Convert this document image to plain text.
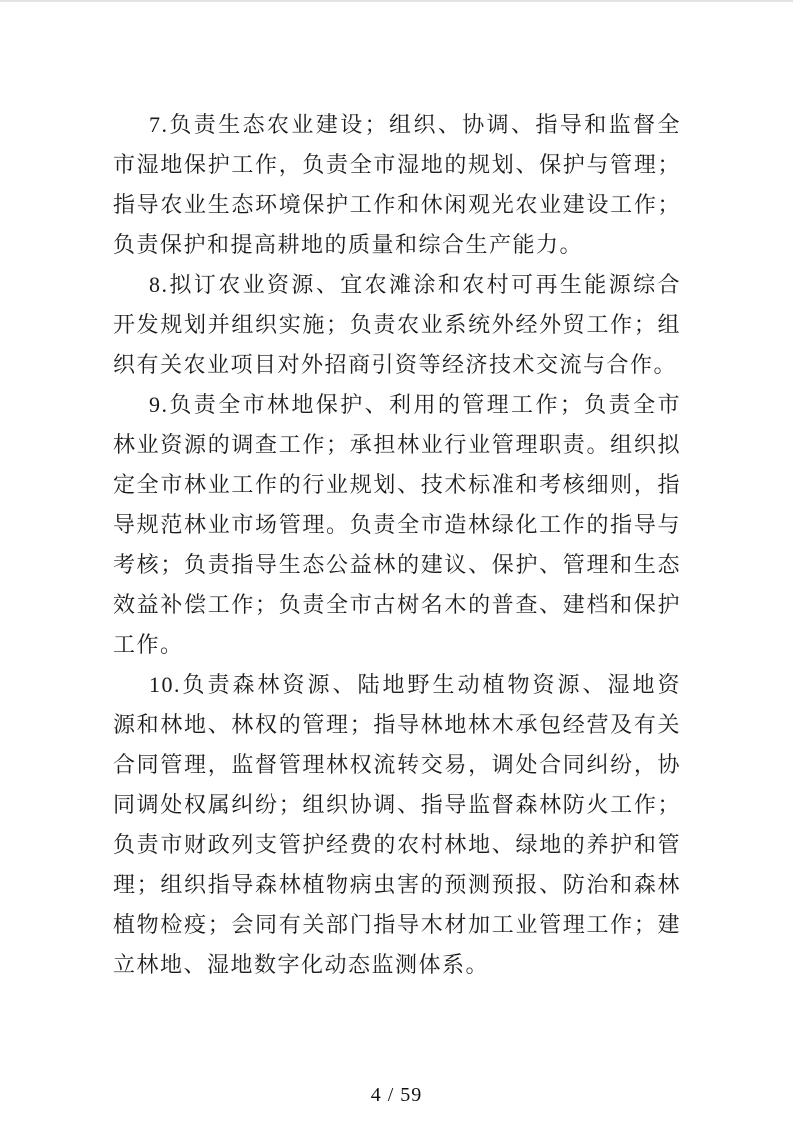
7.负责生态农业建设；组织、协调、指导和监督全
市湿地保护工作，负责全市湿地的规划、保护与管理；
指导农业生态环境保护工作和休闲观光农业建设工作；
负责保护和提高耕地的质量和综合生产能力。
8.拟订农业资源、宜农滩涂和农村可再生能源综合
开发规划并组织实施；负责农业系统外经外贸工作；组
织有关农业项目对外招商引资等经济技术交流与合作。
9.负责全市林地保护、利用的管理工作；负责全市
林业资源的调查工作；承担林业行业管理职责。组织拟
定全市林业工作的行业规划、技术标准和考核细则，指
导规范林业市场管理。负责全市造林绿化工作的指导与
考核；负责指导生态公益林的建议、保护、管理和生态
效益补偿工作；负责全市古树名木的普查、建档和保护
工作。
10.负责森林资源、陆地野生动植物资源、湿地资
源和林地、林权的管理；指导林地林木承包经营及有关
合同管理，监督管理林权流转交易，调处合同纠纷，协
同调处权属纠纷；组织协调、指导监督森林防火工作；
负责市财政列支管护经费的农村林地、绿地的养护和管
理；组织指导森林植物病虫害的预测预报、防治和森林
植物检疫；会同有关部门指导木材加工业管理工作；建
立林地、湿地数字化动态监测体系。
4 / 59
